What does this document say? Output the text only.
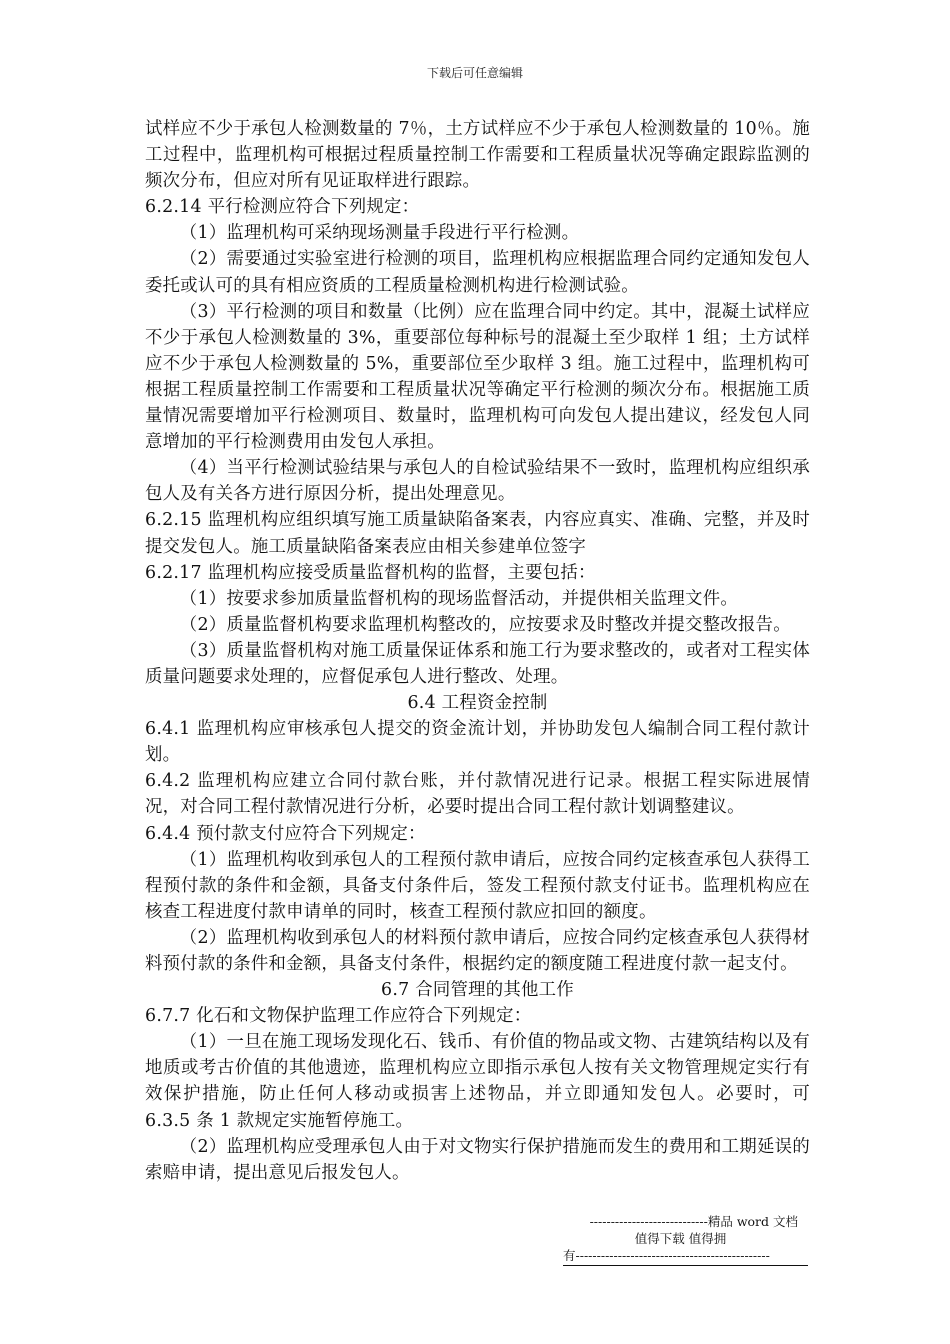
下载后可任意编辑

试样应不少于承包人检测数量的 7％，土方试样应不少于承包人检测数量的 10％。施工过程中，监理机构可根据过程质量控制工作需要和工程质量状况等确定跟踪监测的频次分布，但应对所有见证取样进行跟踪。

6.2.14 平行检测应符合下列规定：

（1）监理机构可采纳现场测量手段进行平行检测。

（2）需要通过实验室进行检测的项目，监理机构应根据监理合同约定通知发包人委托或认可的具有相应资质的工程质量检测机构进行检测试验。

（3）平行检测的项目和数量（比例）应在监理合同中约定。其中，混凝土试样应不少于承包人检测数量的 3%，重要部位每种标号的混凝土至少取样 1 组；土方试样应不少于承包人检测数量的 5%，重要部位至少取样 3 组。施工过程中，监理机构可根据工程质量控制工作需要和工程质量状况等确定平行检测的频次分布。根据施工质量情况需要增加平行检测项目、数量时，监理机构可向发包人提出建议，经发包人同意增加的平行检测费用由发包人承担。

（4）当平行检测试验结果与承包人的自检试验结果不一致时，监理机构应组织承包人及有关各方进行原因分析，提出处理意见。

6.2.15 监理机构应组织填写施工质量缺陷备案表，内容应真实、准确、完整，并及时提交发包人。施工质量缺陷备案表应由相关参建单位签字

6.2.17 监理机构应接受质量监督机构的监督，主要包括：

（1）按要求参加质量监督机构的现场监督活动，并提供相关监理文件。

（2）质量监督机构要求监理机构整改的，应按要求及时整改并提交整改报告。

（3）质量监督机构对施工质量保证体系和施工行为要求整改的，或者对工程实体质量问题要求处理的，应督促承包人进行整改、处理。

6.4 工程资金控制

6.4.1 监理机构应审核承包人提交的资金流计划，并协助发包人编制合同工程付款计划。

6.4.2 监理机构应建立合同付款台账，并付款情况进行记录。根据工程实际进展情况，对合同工程付款情况进行分析，必要时提出合同工程付款计划调整建议。

6.4.4 预付款支付应符合下列规定：

（1）监理机构收到承包人的工程预付款申请后，应按合同约定核查承包人获得工程预付款的条件和金额，具备支付条件后，签发工程预付款支付证书。监理机构应在核查工程进度付款申请单的同时，核查工程预付款应扣回的额度。

（2）监理机构收到承包人的材料预付款申请后，应按合同约定核查承包人获得材料预付款的条件和金额，具备支付条件，根据约定的额度随工程进度付款一起支付。

6.7 合同管理的其他工作

6.7.7 化石和文物保护监理工作应符合下列规定：

（1）一旦在施工现场发现化石、钱币、有价值的物品或文物、古建筑结构以及有地质或考古价值的其他遗迹，监理机构应立即指示承包人按有关文物管理规定实行有效保护措施，防止任何人移动或损害上述物品，并立即通知发包人。必要时，可 6.3.5 条 1 款规定实施暂停施工。

（2）监理机构应受理承包人由于对文物实行保护措施而发生的费用和工期延误的索赔申请，提出意见后报发包人。

----------------------------精品 word 文档
值得下载 值得拥
有----------------------------------------------
